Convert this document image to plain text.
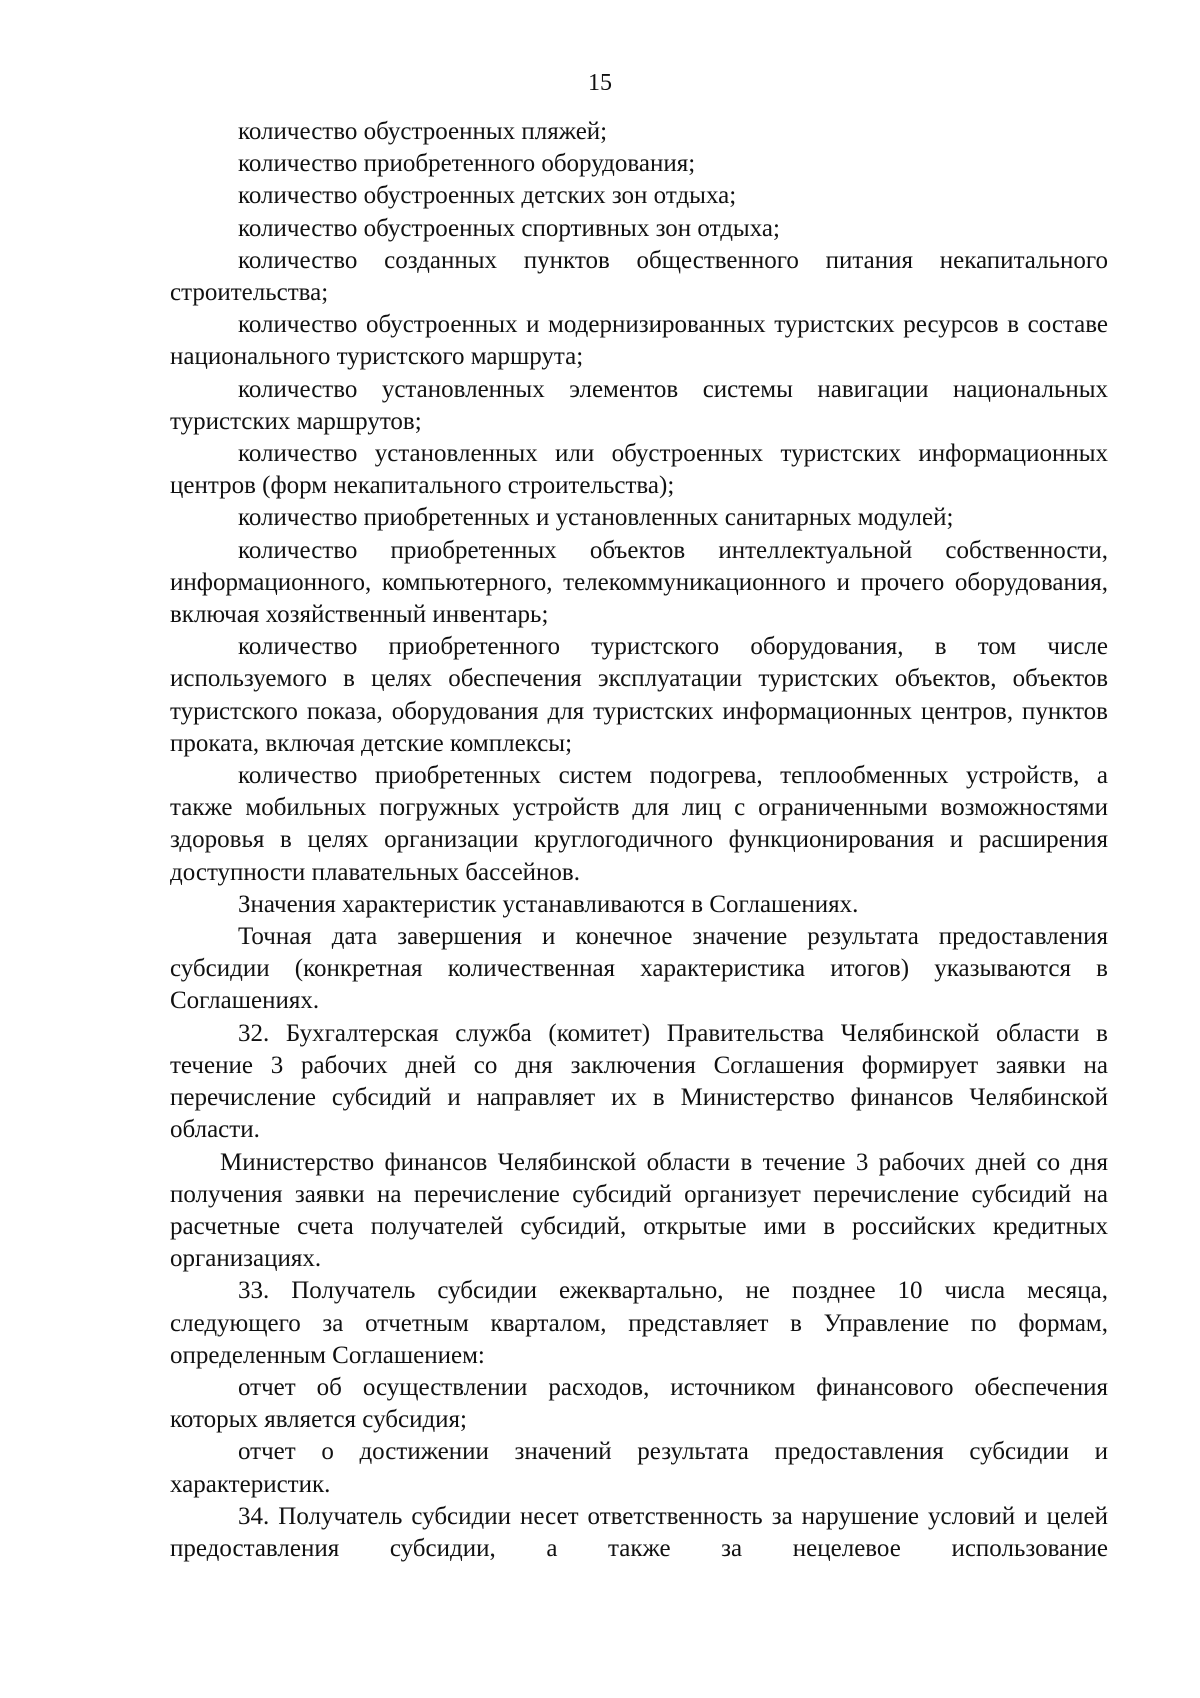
15

количество обустроенных пляжей;

количество приобретенного оборудования;

количество обустроенных детских зон отдыха;

количество обустроенных спортивных зон отдыха;

количество созданных пунктов общественного питания некапитального строительства;

количество обустроенных и модернизированных туристских ресурсов в составе национального туристского маршрута;

количество установленных элементов системы навигации национальных туристских маршрутов;

количество установленных или обустроенных туристских информационных центров (форм некапитального строительства);

количество приобретенных и установленных санитарных модулей;

количество приобретенных объектов интеллектуальной собственности, информационного, компьютерного, телекоммуникационного и прочего оборудования, включая хозяйственный инвентарь;

количество приобретенного туристского оборудования, в том числе используемого в целях обеспечения эксплуатации туристских объектов, объектов туристского показа, оборудования для туристских информационных центров, пунктов проката, включая детские комплексы;

количество приобретенных систем подогрева, теплообменных устройств, а также мобильных погружных устройств для лиц с ограниченными возможностями здоровья в целях организации круглогодичного функционирования и расширения доступности плавательных бассейнов.

Значения характеристик устанавливаются в Соглашениях.

Точная дата завершения и конечное значение результата предоставления субсидии (конкретная количественная характеристика итогов) указываются в Соглашениях.

32. Бухгалтерская служба (комитет) Правительства Челябинской области в течение 3 рабочих дней со дня заключения Соглашения формирует заявки на перечисление субсидий и направляет их в Министерство финансов Челябинской области.

Министерство финансов Челябинской области в течение 3 рабочих дней со дня получения заявки на перечисление субсидий организует перечисление субсидий на расчетные счета получателей субсидий, открытые ими в российских кредитных организациях.

33. Получатель субсидии ежеквартально, не позднее 10 числа месяца, следующего за отчетным кварталом, представляет в Управление по формам, определенным Соглашением:

отчет об осуществлении расходов, источником финансового обеспечения которых является субсидия;

отчет о достижении значений результата предоставления субсидии и характеристик.

34. Получатель субсидии несет ответственность за нарушение условий и целей предоставления субсидии, а также за нецелевое использование
